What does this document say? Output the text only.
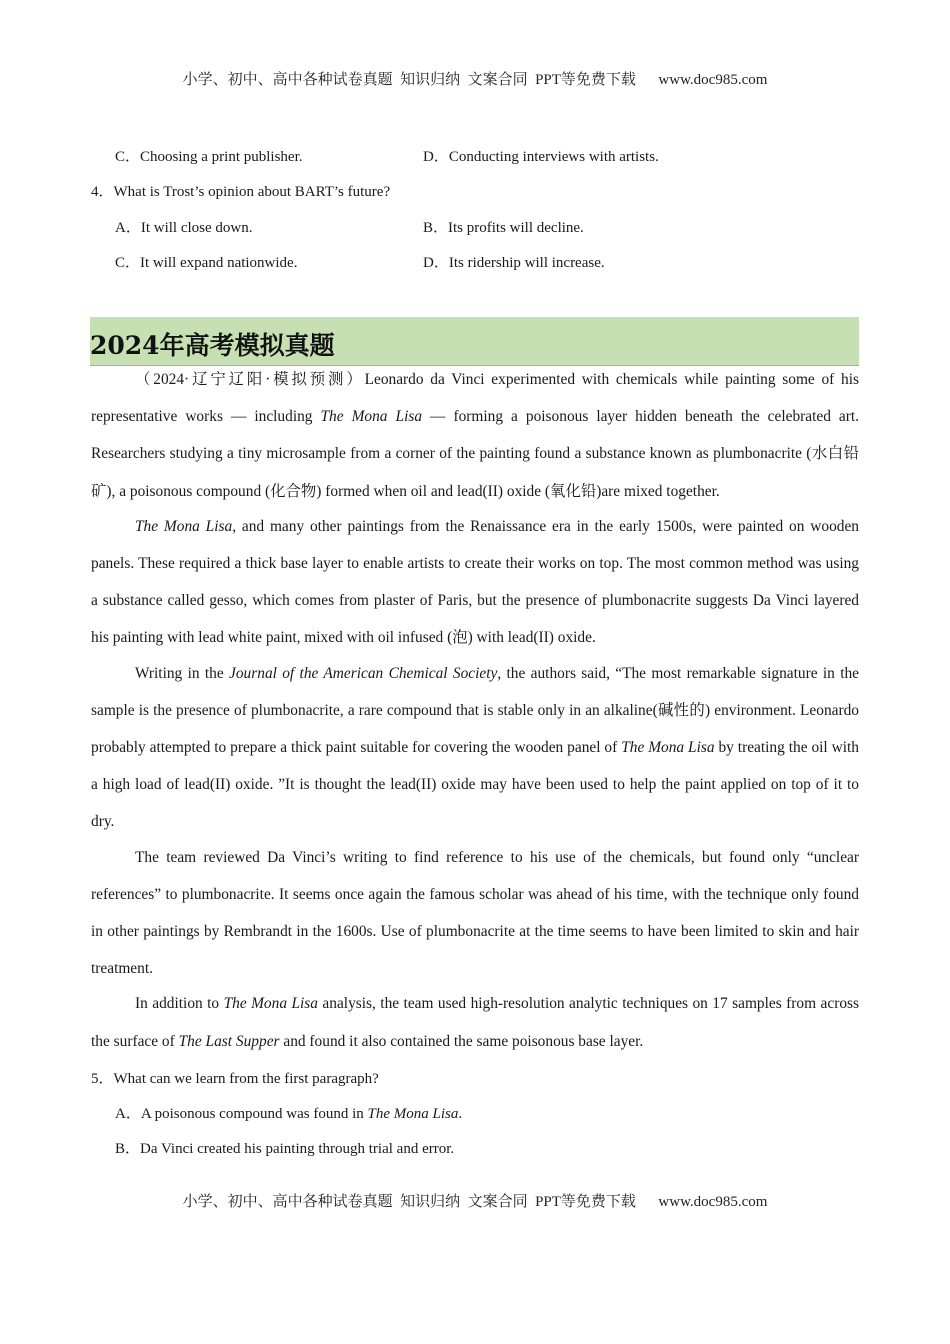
小学、初中、高中各种试卷真题  知识归纳  文案合同  PPT等免费下载      www.doc985.com
C．Choosing a print publisher.	D．Conducting interviews with artists.
4．What is Trost’s opinion about BART’s future?
A．It will close down.	B．Its profits will decline.
C．It will expand nationwide.	D．Its ridership will increase.
2024年高考模拟真题

（2024·辽宁辽阳·模拟预测）Leonardo da Vinci experimented with chemicals while painting some of his representative works — including The Mona Lisa — forming a poisonous layer hidden beneath the celebrated art. Researchers studying a tiny microsample from a corner of the painting found a substance known as plumbonacrite (水白铅矿), a poisonous compound (化合物) formed when oil and lead(II) oxide (氧化铅)are mixed together.

The Mona Lisa, and many other paintings from the Renaissance era in the early 1500s, were painted on wooden panels. These required a thick base layer to enable artists to create their works on top. The most common method was using a substance called gesso, which comes from plaster of Paris, but the presence of plumbonacrite suggests Da Vinci layered his painting with lead white paint, mixed with oil infused (泡) with lead(II) oxide.

Writing in the Journal of the American Chemical Society, the authors said, “The most remarkable signature in the sample is the presence of plumbonacrite, a rare compound that is stable only in an alkaline(碱性的) environment. Leonardo probably attempted to prepare a thick paint suitable for covering the wooden panel of The Mona Lisa by treating the oil with a high load of lead(II) oxide. ”It is thought the lead(II) oxide may have been used to help the paint applied on top of it to dry.

The team reviewed Da Vinci’s writing to find reference to his use of the chemicals, but found only “unclear references” to plumbonacrite. It seems once again the famous scholar was ahead of his time, with the technique only found in other paintings by Rembrandt in the 1600s. Use of plumbonacrite at the time seems to have been limited to skin and hair treatment.

In addition to The Mona Lisa analysis, the team used high-resolution analytic techniques on 17 samples from across the surface of The Last Supper and found it also contained the same poisonous base layer.

5．What can we learn from the first paragraph?
A．A poisonous compound was found in The Mona Lisa.
B．Da Vinci created his painting through trial and error.
小学、初中、高中各种试卷真题  知识归纳  文案合同  PPT等免费下载      www.doc985.com
